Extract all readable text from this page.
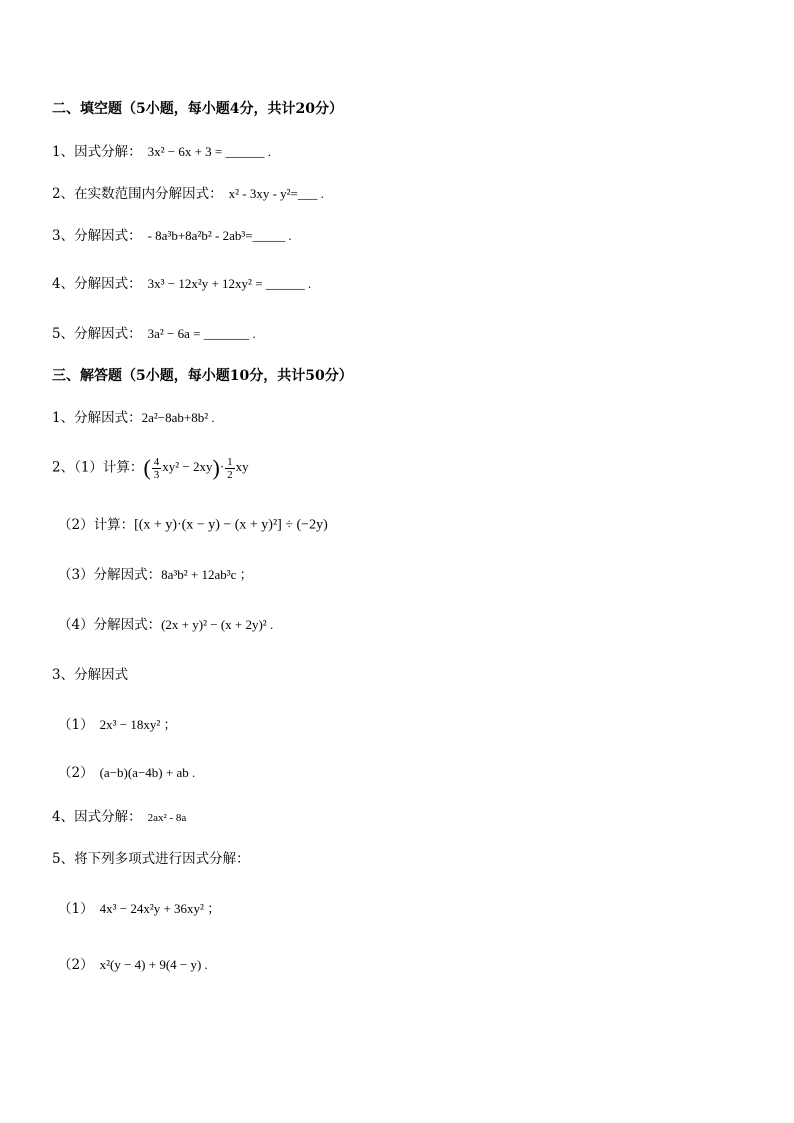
二、填空题（5小题，每小题4分，共计20分）
1、因式分解： 3x² − 6x + 3 = ______ .
2、在实数范围内分解因式： x² - 3xy - y²=___ .
3、分解因式： - 8a³b+8a²b² - 2ab³=_____ .
4、分解因式： 3x³ − 12x²y + 12xy² = ______ .
5、分解因式： 3a² − 6a = _______ .
三、解答题（5小题，每小题10分，共计50分）
1、分解因式：2a²−8ab+8b² .
2、（1）计算：( $\frac{4}{3} xy^2 - 2xy)\cdot \frac{1}{2}$ xy
（2）计算：[(x + y)·(x − y) − (x + y)²] ÷ (−2y)
（3）分解因式：8a³b² + 12ab³c ；
（4）分解因式：(2x + y)² − (x + 2y)² .
3、分解因式
（1） 2x³ − 18xy² ；
（2） (a−b)(a−4b) + ab .
4、因式分解： 2ax² - 8a
5、将下列多项式进行因式分解：
（1） 4x³ − 24x²y + 36xy² ；
（2） x²(y − 4) + 9(4 − y) .
